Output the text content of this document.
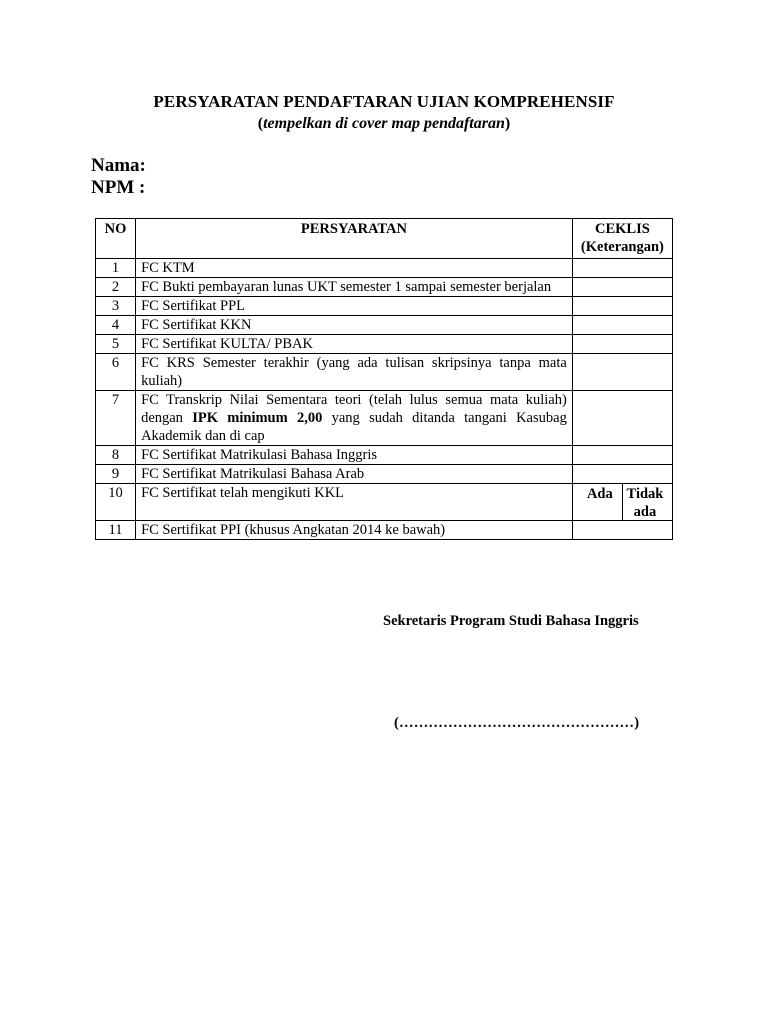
PERSYARATAN PENDAFTARAN UJIAN KOMPREHENSIF
(tempelkan di cover map pendaftaran)
Nama:
NPM :
NO	PERSYARATAN	CEKLIS
(Keterangan)

1	FC KTM	
2	FC Bukti pembayaran lunas UKT semester 1 sampai semester berjalan	
3	FC Sertifikat PPL	
4	FC Sertifikat KKN	
5	FC Sertifikat KULTA/ PBAK	
6	FC KRS Semester terakhir (yang ada tulisan skripsinya tanpa mata kuliah)	
7	FC Transkrip Nilai Sementara teori (telah lulus semua mata kuliah) dengan IPK minimum 2,00 yang sudah ditanda tangani Kasubag Akademik dan di cap	
8	FC Sertifikat Matrikulasi Bahasa Inggris	
9	FC Sertifikat Matrikulasi Bahasa Arab	
10	FC Sertifikat telah mengikuti KKL	Ada Tidak ada

11	FC Sertifikat PPI (khusus Angkatan 2014 ke bawah)	
Sekretaris Program Studi Bahasa Inggris
(…………………………………………)
